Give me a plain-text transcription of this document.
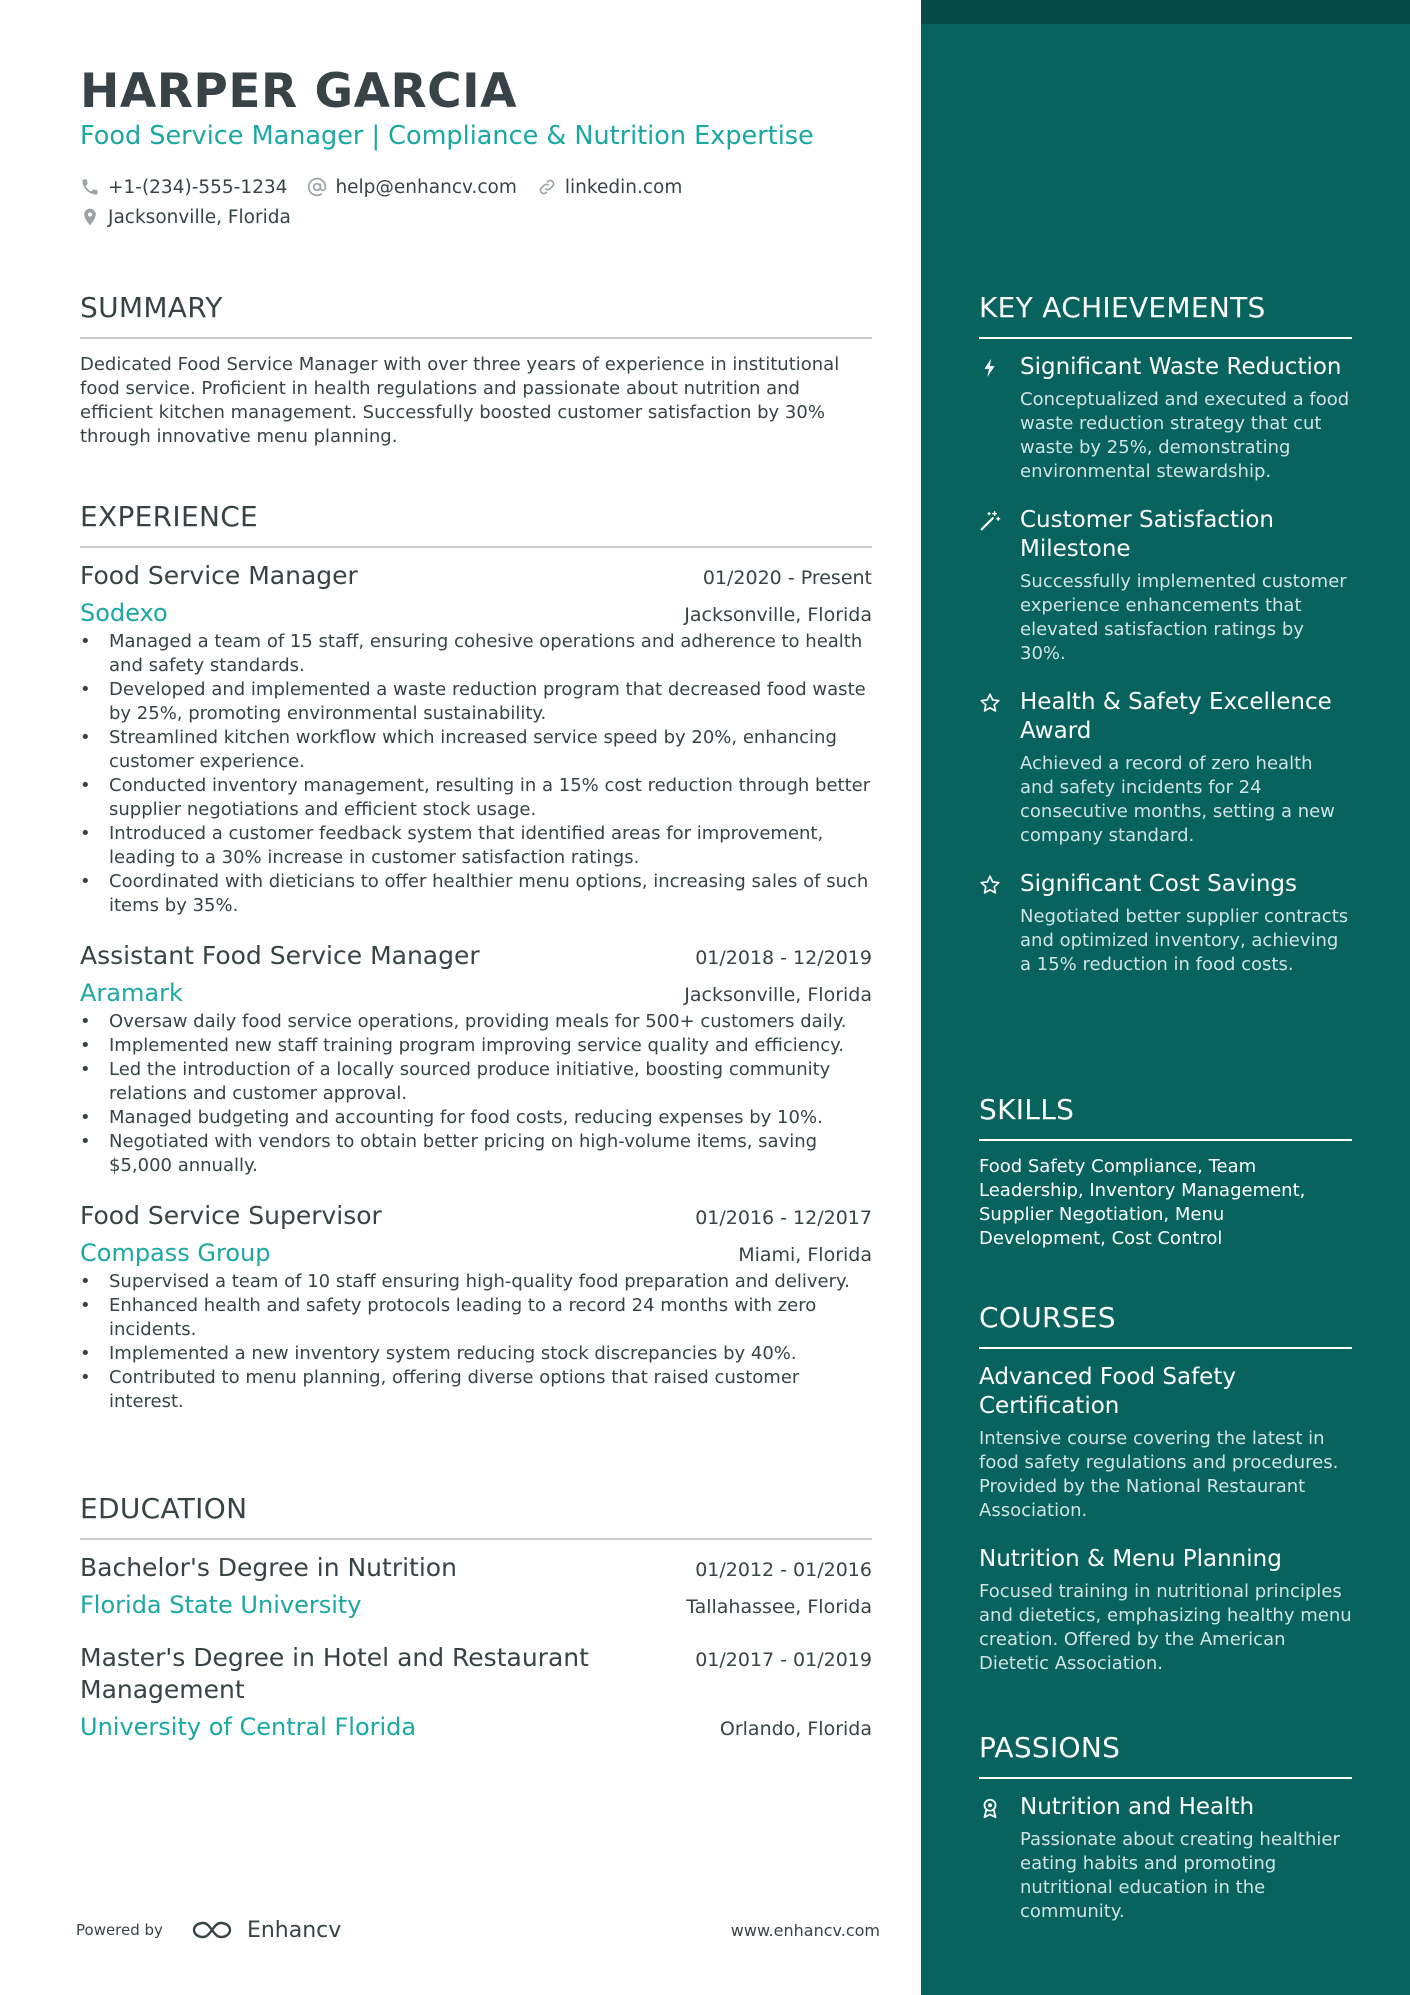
HARPER GARCIA
Food Service Manager | Compliance & Nutrition Expertise
+1-(234)-555-1234	help@enhancv.com	linkedin.com
Jacksonville, Florida
SUMMARY
Dedicated Food Service Manager with over three years of experience in institutional food service. Proficient in health regulations and passionate about nutrition and efficient kitchen management. Successfully boosted customer satisfaction by 30% through innovative menu planning.
EXPERIENCE
Food Service Manager	01/2020 - Present
Sodexo	Jacksonville, Florida
• Managed a team of 15 staff, ensuring cohesive operations and adherence to health and safety standards.
• Developed and implemented a waste reduction program that decreased food waste by 25%, promoting environmental sustainability.
• Streamlined kitchen workflow which increased service speed by 20%, enhancing customer experience.
• Conducted inventory management, resulting in a 15% cost reduction through better supplier negotiations and efficient stock usage.
• Introduced a customer feedback system that identified areas for improvement, leading to a 30% increase in customer satisfaction ratings.
• Coordinated with dieticians to offer healthier menu options, increasing sales of such items by 35%.
Assistant Food Service Manager	01/2018 - 12/2019
Aramark	Jacksonville, Florida
• Oversaw daily food service operations, providing meals for 500+ customers daily.
• Implemented new staff training program improving service quality and efficiency.
• Led the introduction of a locally sourced produce initiative, boosting community relations and customer approval.
• Managed budgeting and accounting for food costs, reducing expenses by 10%.
• Negotiated with vendors to obtain better pricing on high-volume items, saving $5,000 annually.
Food Service Supervisor	01/2016 - 12/2017
Compass Group	Miami, Florida
• Supervised a team of 10 staff ensuring high-quality food preparation and delivery.
• Enhanced health and safety protocols leading to a record 24 months with zero incidents.
• Implemented a new inventory system reducing stock discrepancies by 40%.
• Contributed to menu planning, offering diverse options that raised customer interest.
EDUCATION
Bachelor's Degree in Nutrition	01/2012 - 01/2016
Florida State University	Tallahassee, Florida
Master's Degree in Hotel and Restaurant Management
01/2017 - 01/2019
University of Central Florida	Orlando, Florida
Powered by	Enhancv	www.enhancv.com
KEY ACHIEVEMENTS
Significant Waste Reduction
Conceptualized and executed a food waste reduction strategy that cut waste by 25%, demonstrating environmental stewardship.
Customer Satisfaction Milestone
Successfully implemented customer experience enhancements that elevated satisfaction ratings by 30%.
Health & Safety Excellence Award
Achieved a record of zero health and safety incidents for 24 consecutive months, setting a new company standard.
Significant Cost Savings
Negotiated better supplier contracts and optimized inventory, achieving a 15% reduction in food costs.
SKILLS
Food Safety Compliance, Team Leadership, Inventory Management, Supplier Negotiation, Menu Development, Cost Control
COURSES
Advanced Food Safety Certification
Intensive course covering the latest in food safety regulations and procedures. Provided by the National Restaurant Association.
Nutrition & Menu Planning
Focused training in nutritional principles and dietetics, emphasizing healthy menu creation. Offered by the American Dietetic Association.
PASSIONS
Nutrition and Health
Passionate about creating healthier eating habits and promoting nutritional education in the community.
